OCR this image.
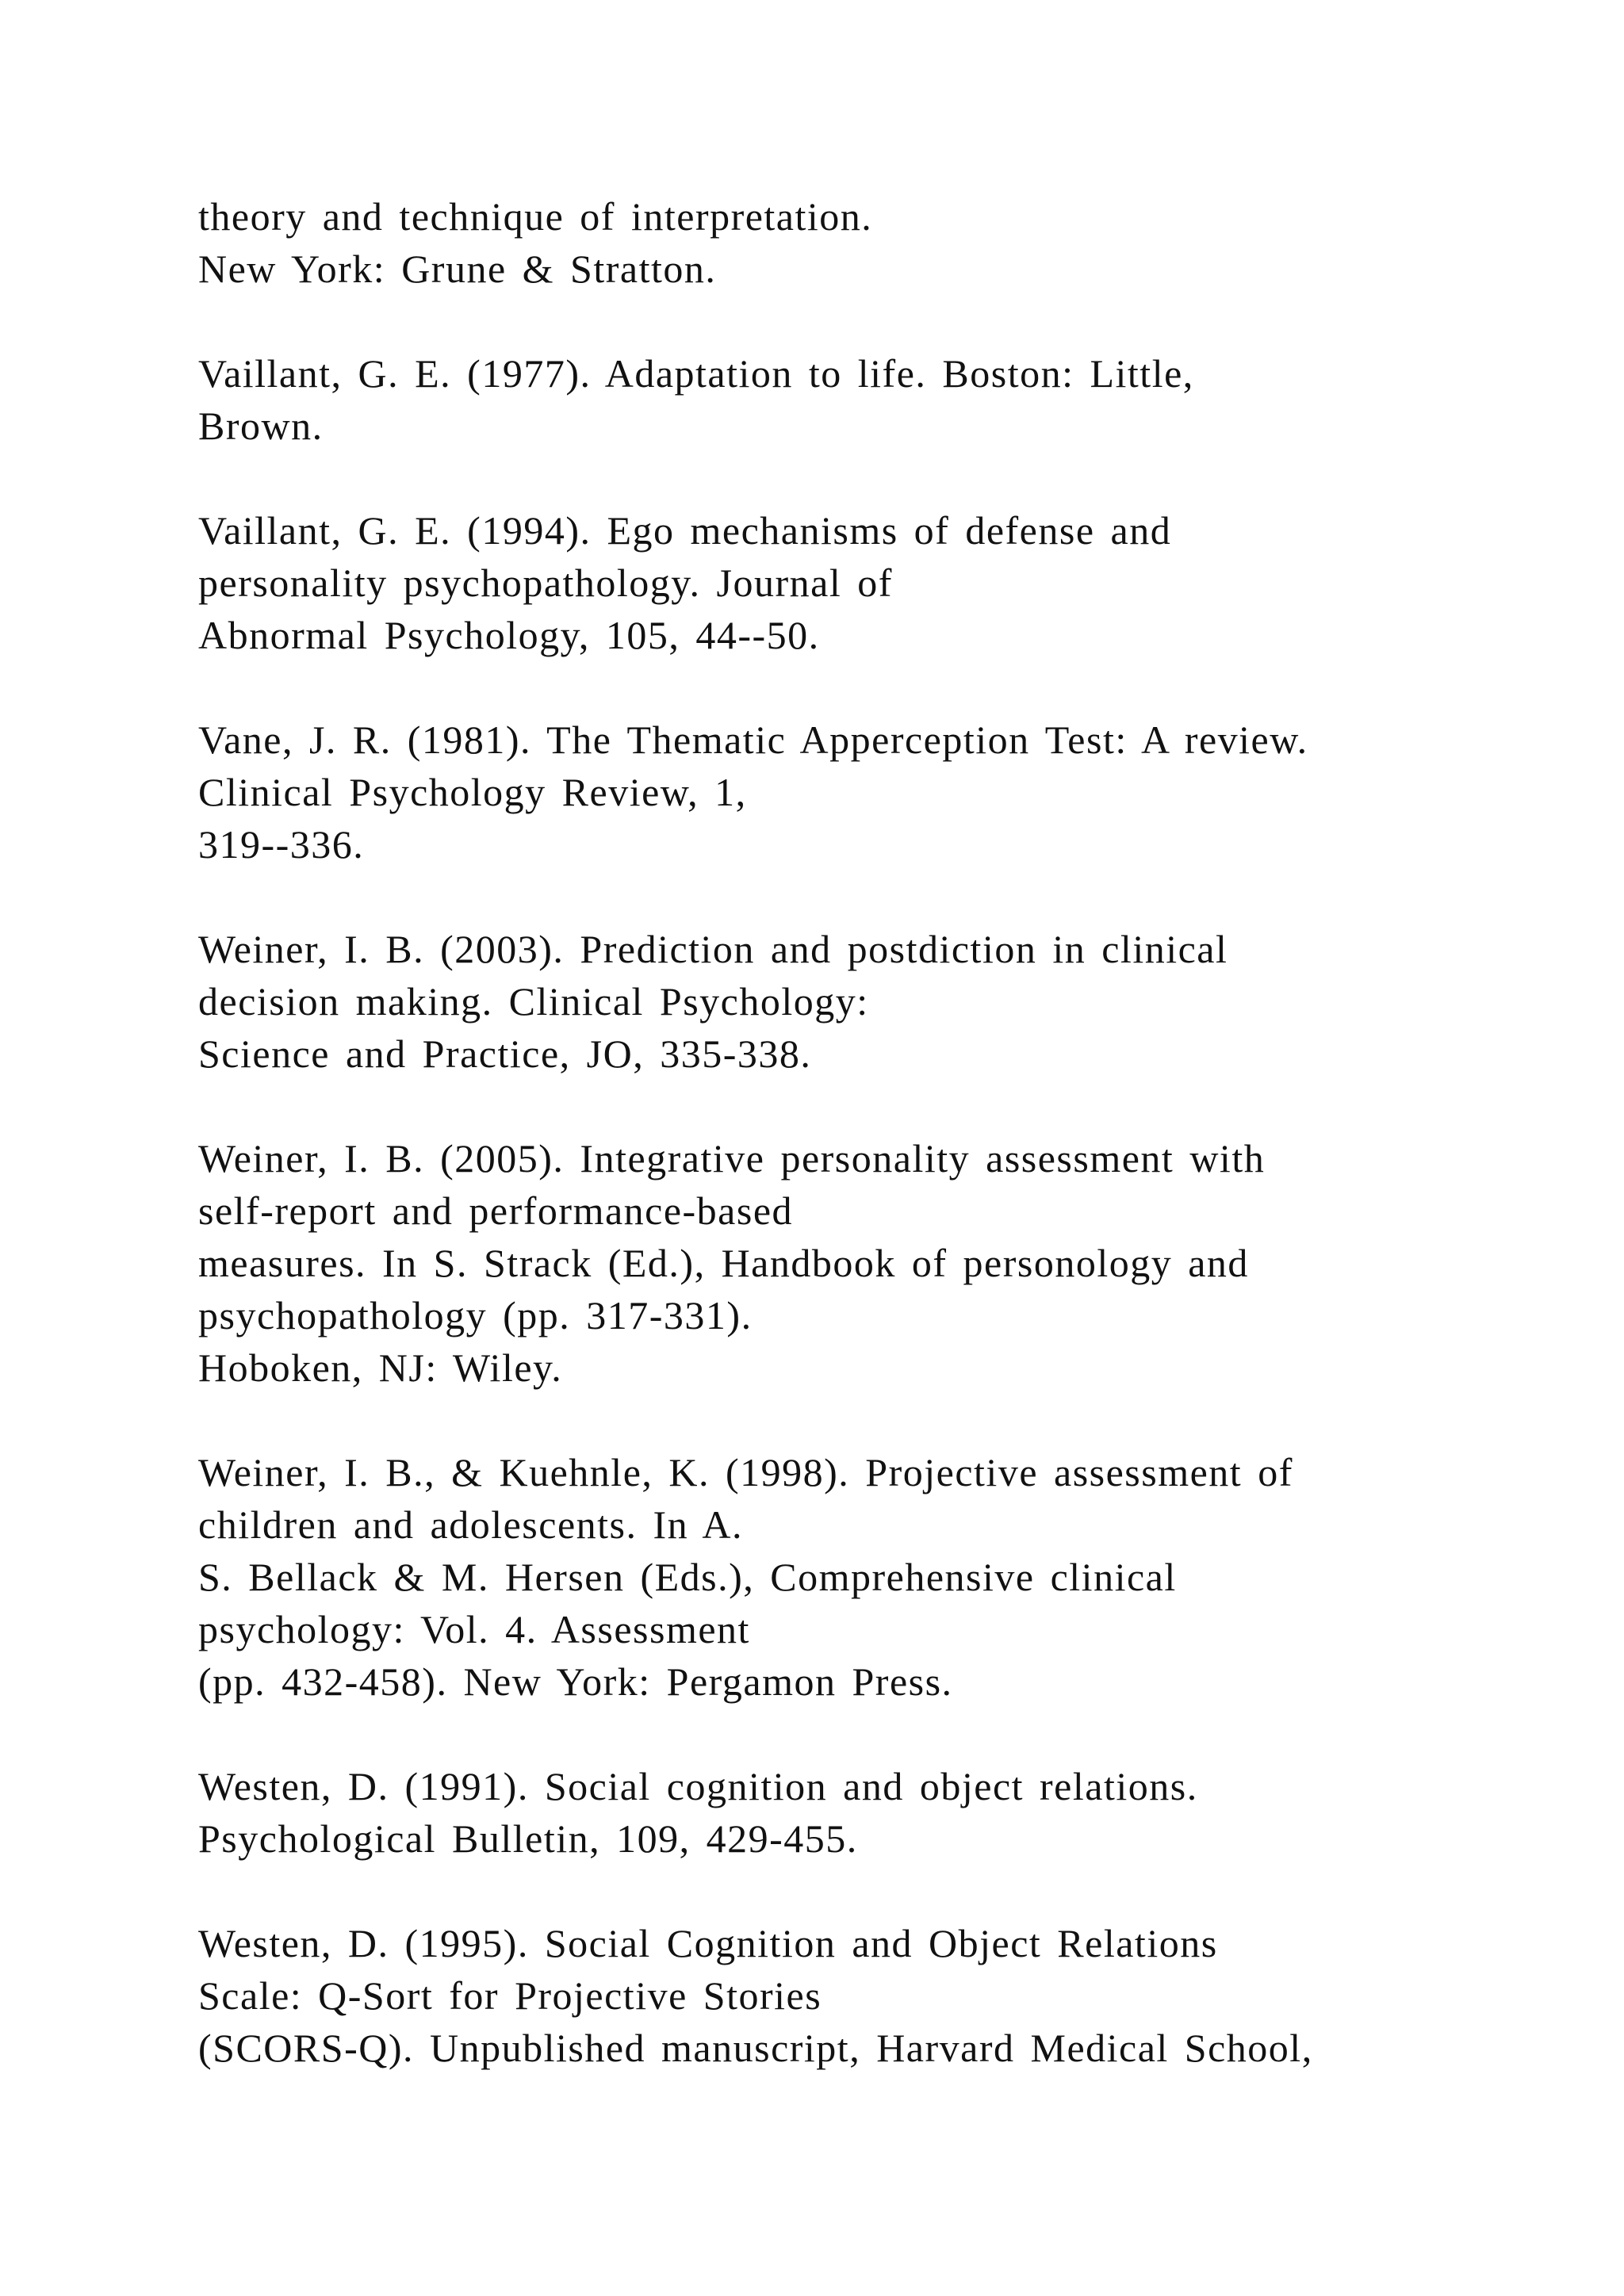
theory and technique of interpretation.
New York: Grune & Stratton.
Vaillant, G. E. (1977). Adaptation to life. Boston: Little,
Brown.
Vaillant, G. E. (1994). Ego mechanisms of defense and
personality psychopathology. Journal of
Abnormal Psychology, 105, 44--50.
Vane, J. R. (1981). The Thematic Apperception Test: A review.
Clinical Psychology Review, 1,
319--336.
Weiner, I. B. (2003). Prediction and postdiction in clinical
decision making. Clinical Psychology:
Science and Practice, JO, 335-338.
Weiner, I. B. (2005). Integrative personality assessment with
self-report and performance-based
measures. In S. Strack (Ed.), Handbook of personology and
psychopathology (pp. 317-331).
Hoboken, NJ: Wiley.
Weiner, I. B., & Kuehnle, K. (1998). Projective assessment of
children and adolescents. In A.
S. Bellack & M. Hersen (Eds.), Comprehensive clinical
psychology: Vol. 4. Assessment
(pp. 432-458). New York: Pergamon Press.
Westen, D. (1991). Social cognition and object relations.
Psychological Bulletin, 109, 429-455.
Westen, D. (1995). Social Cognition and Object Relations
Scale: Q-Sort for Projective Stories
(SCORS-Q). Unpublished manuscript, Harvard Medical School,
